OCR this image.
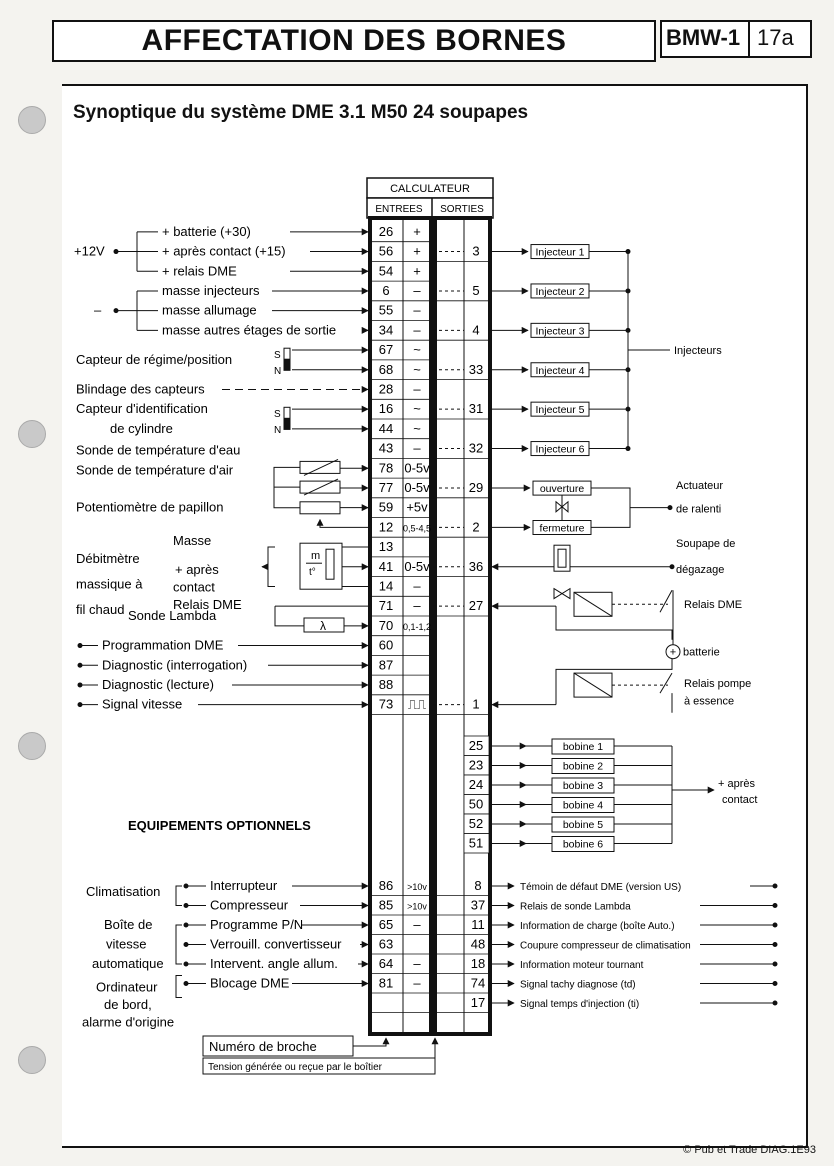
AFFECTATION DES BORNES	BMW-1 17a
Synoptique du système DME 3.1 M50 24 soupapes
CALCULATEUR
ENTREES SORTIES
26 +
56 +	3
54 +
6 –	5
55 –
34 –	4
67 ~
68 ~	33
28 –
16 ~	31
44 ~
43 –	32
78 0-5v
77 0-5v	29
59 +5v
12 0,5-4,5	2
13
41 0-5v	36
14 –
71 –	27
70 0,1-1,2
60
87
88
73 ⎍⎍	1
25	bobine 1
23	bobine 2
24	bobine 3
50	bobine 4
52	bobine 5
51	bobine 6
86 >10v	8
85 >10v	37
65 –	11
63	48
64 –	18
81 –	74
17
+ après
contact
Témoin de défaut DME (version US)
Relais de sonde Lambda
Information de charge (boîte Auto.)
Coupure compresseur de climatisation
Information moteur tournant
Signal tachy diagnose (td)
Signal temps d'injection (ti)
+ batterie (+30)
+ après contact (+15)
+ relais DME
+12V
masse injecteurs
masse allumage
masse autres étages de sortie
–
Capteur de régime/position	S
N
Blindage des capteurs
Capteur d'identification
de cylindre
S
N
Sonde de température d'eau
Sonde de température d'air
Potentiomètre de papillon
Débitmètre
massique à
fil chaud
Masse
+ après
contact
Relais DME
m
t°
Sonde Lambda
λ
Programmation DME
Diagnostic (interrogation)
Diagnostic (lecture)
Signal vitesse
Injecteur 1
Injecteur 2
Injecteur 3
Injecteur 4
Injecteur 5
Injecteur 6
Injecteurs
ouverture
fermeture
Actuateur
de ralenti
Soupape de
dégazage
Relais DME
+ batterie
Relais pompe
à essence
EQUIPEMENTS OPTIONNELS
Climatisation
Boîte de
vitesse
automatique
Ordinateur
de bord,
alarme d'origine
Interrupteur
Compresseur
Programme P/N
Verrouill. convertisseur
Intervent. angle allum.
Blocage DME
Numéro de broche
Tension générée ou reçue par le boîtier
© Pub et Trade DIAG.1E93
